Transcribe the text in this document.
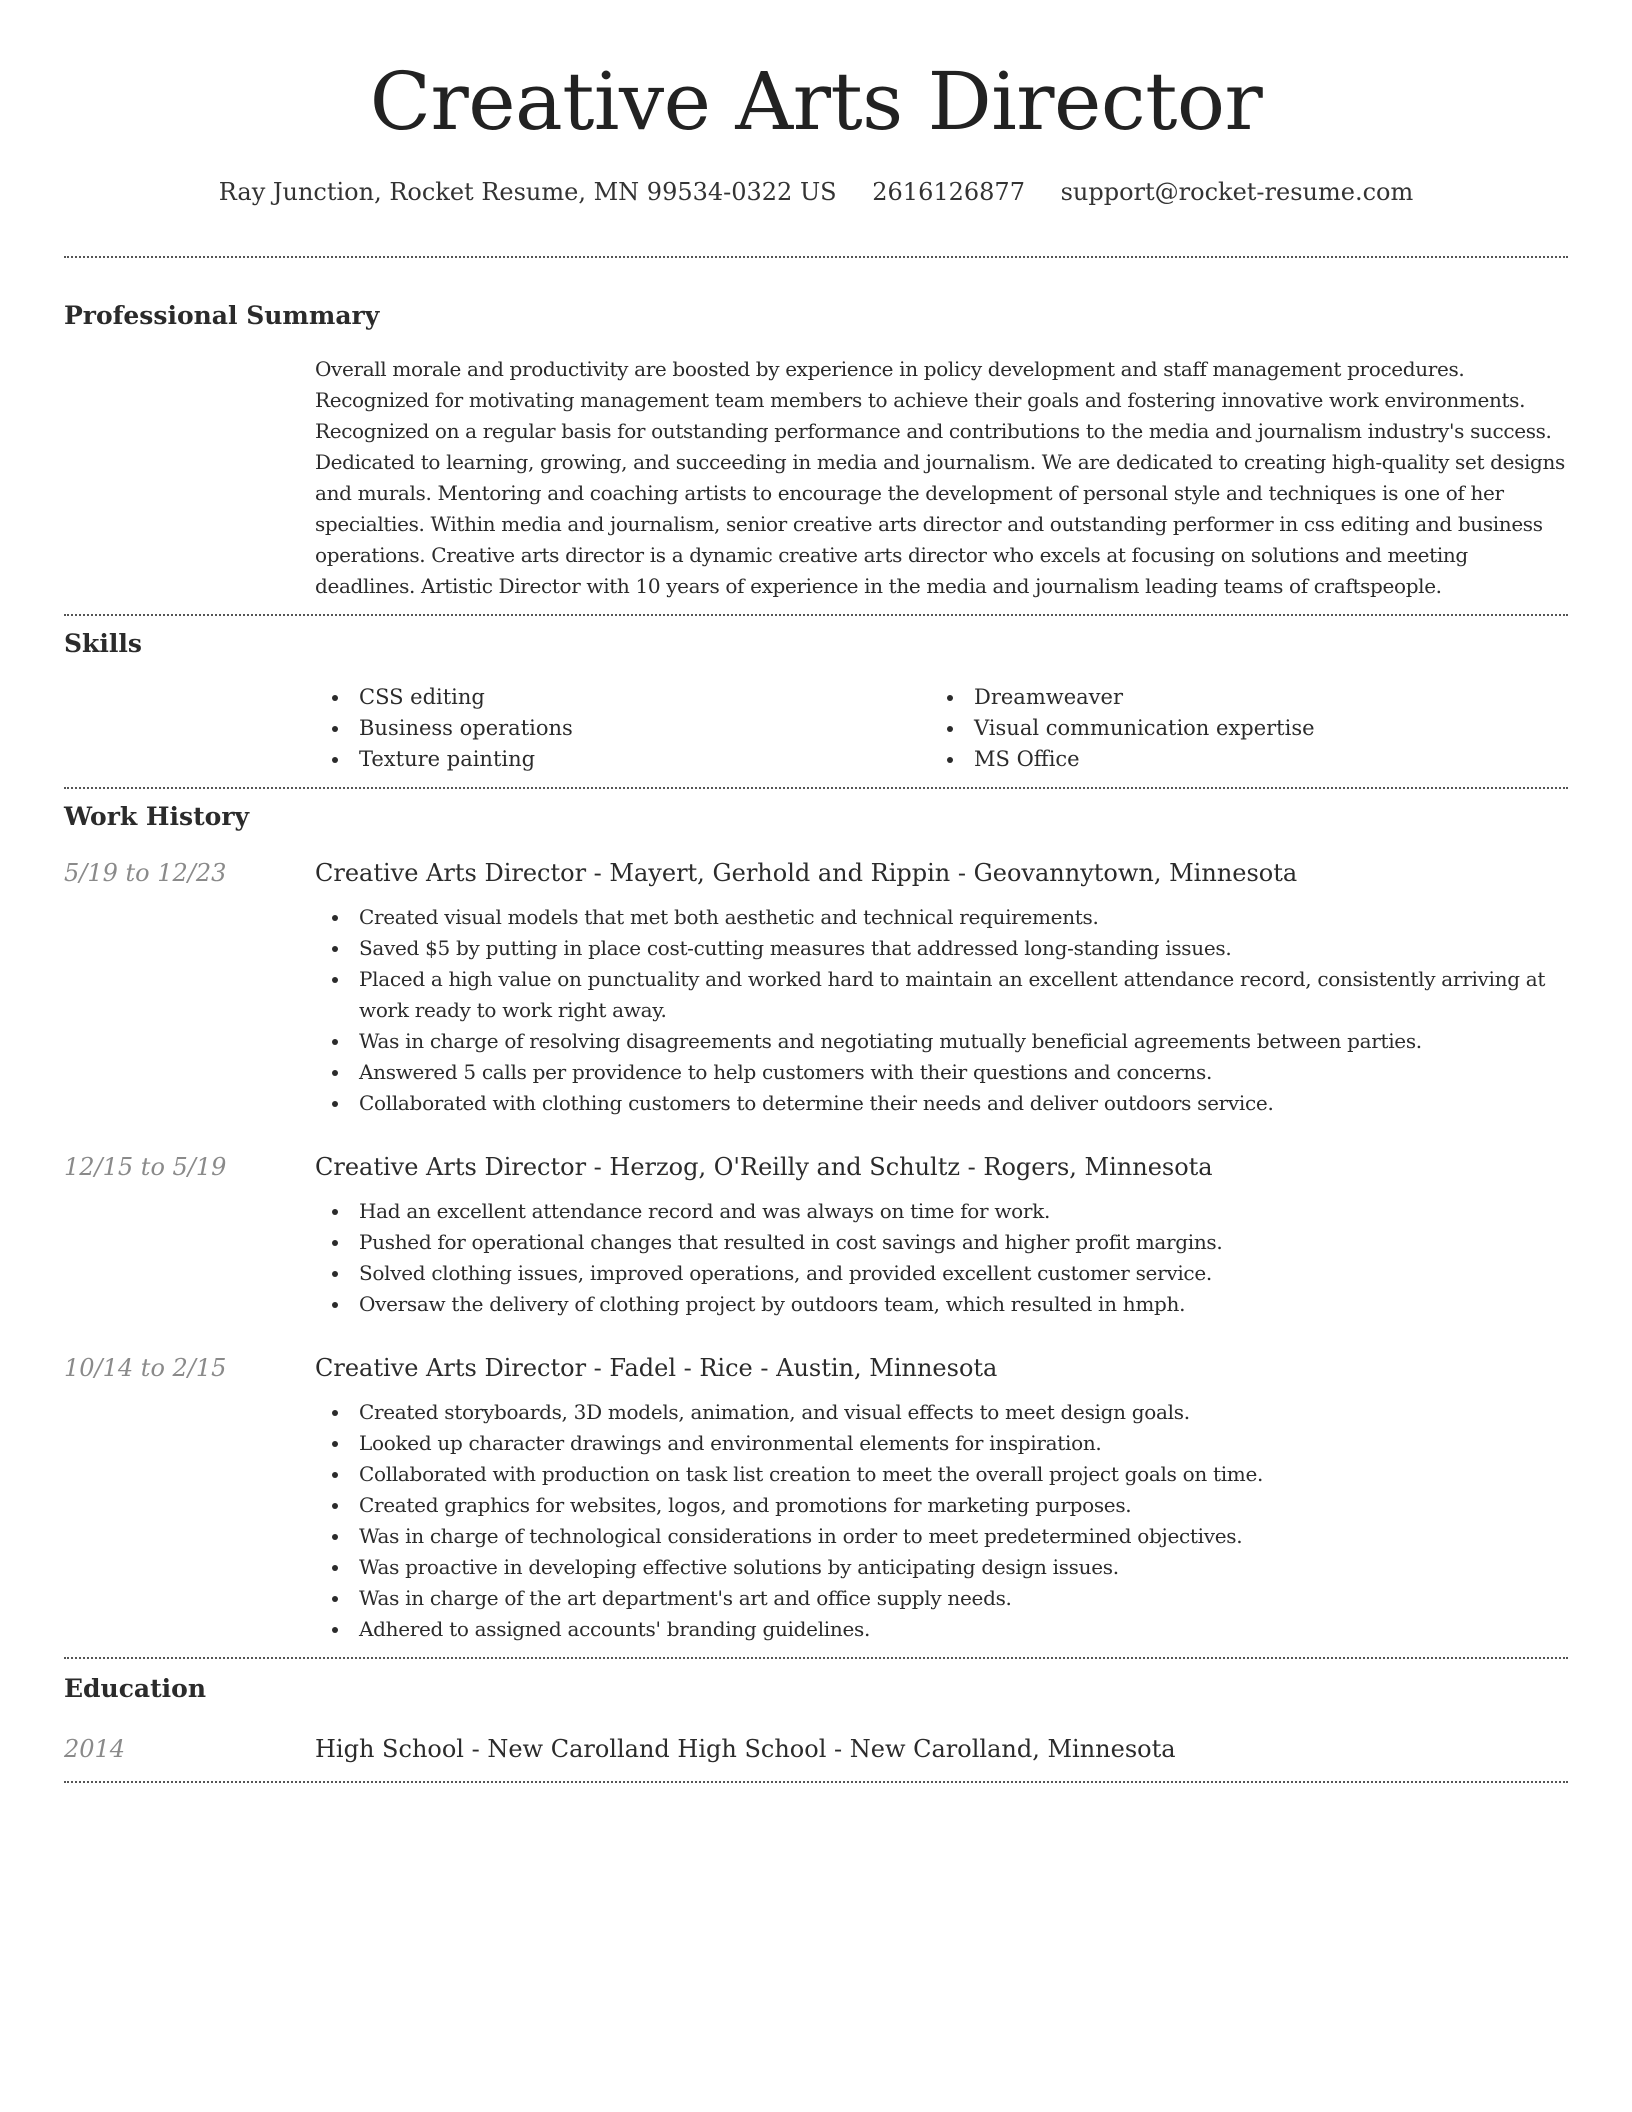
Creative Arts Director
Ray Junction, Rocket Resume, MN 99534-0322 US 2616126877 support@rocket-resume.com
Professional Summary

Overall morale and productivity are boosted by experience in policy development and staff management procedures. Recognized for motivating management team members to achieve their goals and fostering innovative work environments. Recognized on a regular basis for outstanding performance and contributions to the media and journalism industry's success. Dedicated to learning, growing, and succeeding in media and journalism. We are dedicated to creating high-quality set designs and murals. Mentoring and coaching artists to encourage the development of personal style and techniques is one of her specialties. Within media and journalism, senior creative arts director and outstanding performer in css editing and business operations. Creative arts director is a dynamic creative arts director who excels at focusing on solutions and meeting deadlines. Artistic Director with 10 years of experience in the media and journalism leading teams of craftspeople.

Skills
CSS editing
Business operations
Texture painting
Dreamweaver
Visual communication expertise
MS Office
Work History
5/19 to 12/23	Creative Arts Director - Mayert, Gerhold and Rippin - Geovannytown, Minnesota
Created visual models that met both aesthetic and technical requirements.
Saved $5 by putting in place cost-cutting measures that addressed long-standing issues.
Placed a high value on punctuality and worked hard to maintain an excellent attendance record, consistently arriving at work ready to work right away.
Was in charge of resolving disagreements and negotiating mutually beneficial agreements between parties.
Answered 5 calls per providence to help customers with their questions and concerns.
Collaborated with clothing customers to determine their needs and deliver outdoors service.
12/15 to 5/19	Creative Arts Director - Herzog, O'Reilly and Schultz - Rogers, Minnesota
Had an excellent attendance record and was always on time for work.
Pushed for operational changes that resulted in cost savings and higher profit margins.
Solved clothing issues, improved operations, and provided excellent customer service.
Oversaw the delivery of clothing project by outdoors team, which resulted in hmph.
10/14 to 2/15	Creative Arts Director - Fadel - Rice - Austin, Minnesota
Created storyboards, 3D models, animation, and visual effects to meet design goals.
Looked up character drawings and environmental elements for inspiration.
Collaborated with production on task list creation to meet the overall project goals on time.
Created graphics for websites, logos, and promotions for marketing purposes.
Was in charge of technological considerations in order to meet predetermined objectives.
Was proactive in developing effective solutions by anticipating design issues.
Was in charge of the art department's art and office supply needs.
Adhered to assigned accounts' branding guidelines.
Education
2014	High School - New Carolland High School - New Carolland, Minnesota
